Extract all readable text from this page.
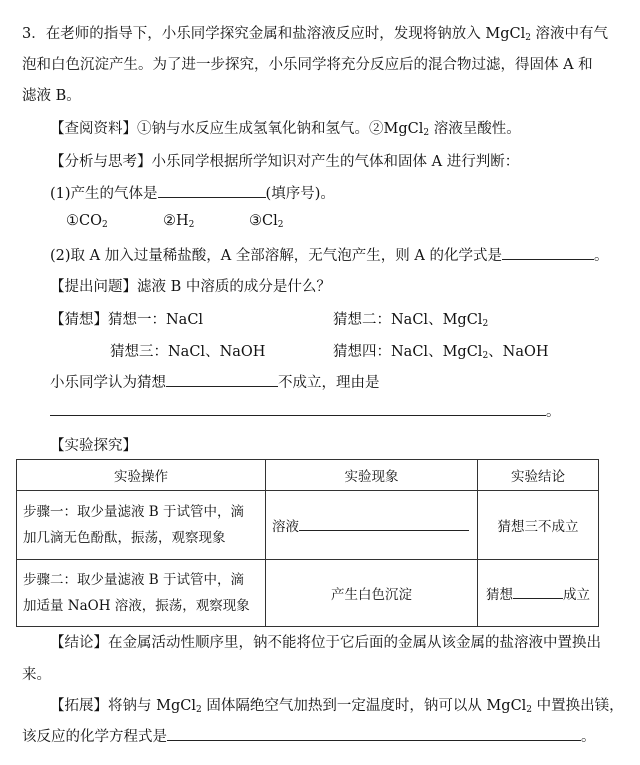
3．在老师的指导下，小乐同学探究金属和盐溶液反应时，发现将钠放入 MgCl$_2$ 溶液中有气
泡和白色沉淀产生。为了进一步探究，小乐同学将充分反应后的混合物过滤，得固体 A 和
滤液 B。
【查阅资料】①钠与水反应生成氢氧化钠和氢气。②MgCl$_2$ 溶液呈酸性。
【分析与思考】小乐同学根据所学知识对产生的气体和固体 A 进行判断：
(1)产生的气体是	(填序号)。
$①CO_2$	$②H_2$	$③Cl_2$
(2)取 A 加入过量稀盐酸，A 全部溶解，无气泡产生，则 A 的化学式是	。
【提出问题】滤液 B 中溶质的成分是什么？
【猜想】猜想一：NaCl	猜想二：NaCl、MgCl$_2$
猜想三：NaCl、NaOH	猜想四：NaCl、MgCl$_2$、NaOH
小乐同学认为猜想	不成立，理由是
。
【实验探究】
实验操作	实验现象	实验结论

步骤一：取少量滤液 B 于试管中，滴
加几滴无色酚酞，振荡，观察现象	溶液	猜想三不成立

步骤二：取少量滤液 B 于试管中，滴
加适量 NaOH 溶液，振荡，观察现象	产生白色沉淀	猜想 成立
【结论】在金属活动性顺序里，钠不能将位于它后面的金属从该金属的盐溶液中置换出
来。
【拓展】将钠与 MgCl$_2$ 固体隔绝空气加热到一定温度时，钠可以从 MgCl$_2$ 中置换出镁，
该反应的化学方程式是	。
